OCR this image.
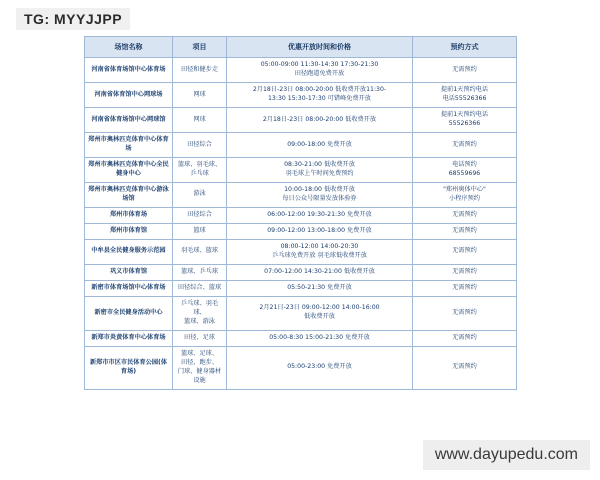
TG: MYYJJPP
场馆名称	项目	优惠开放时间和价格	预约方式

河南省体育场馆中心体育场	田径和健步走	05:00-09:00 11:30-14:30 17:30-21:30
田径跑道免费开放	无需预约

河南省体育馆中心网球场	网球	2月18日-23日 08:00-20:00 低收费开放11:30-
13:30 15:30-17:30 可错峰免费开放	提前1天预约电话
电话55526366

河南省体育场馆中心网球馆	网球	2月18日-23日 08:00-20:00 低收费开放	提前1天预约电话
55526366

郑州市奥林匹克体育中心体育场	田径综合	09:00-18:00 免费开放	无需预约

郑州市奥林匹克体育中心全民健身中心	篮球、羽毛球、
乒乓球	08:30-21:00 低收费开放
羽毛球上午时间免费预约	电话预约
68559696

郑州市奥林匹克体育中心游泳场馆	游泳	10:00-18:00 低收费开放
每日公众号限量发放体验券	"郑州奥体中心"
小程序预约

郑州市体育场	田径综合	06:00-12:00 19:30-21:30 免费开放	无需预约

郑州市体育馆	篮球	09:00-12:00 13:00-18:00 免费开放	无需预约

中牟县全民健身服务示范园	羽毛球、篮球	08:00-12:00 14:00-20:30
乒乓球免费开放 羽毛球低收费开放	无需预约

巩义市体育馆	篮球、乒乓球	07:00-12:00 14:30-21:00 低收费开放	无需预约

新密市体育场馆中心体育场	田径综合、篮球	05:50-21:30 免费开放	无需预约

新密市全民健身活动中心	乒乓球、羽毛球、
篮球、游泳	2月21日-23日 09:00-12:00 14:00-16:00
低收费开放	无需预约

新郑市炎黄体育中心体育场	田径、足球	05:00-8:30 15:00-21:30 免费开放	无需预约

新郑市市区市民体育公园(体育场)	篮球、足球、
田径、跑步、
门球、健身器材设施	05:00-23:00 免费开放	无需预约
www.dayupedu.com
